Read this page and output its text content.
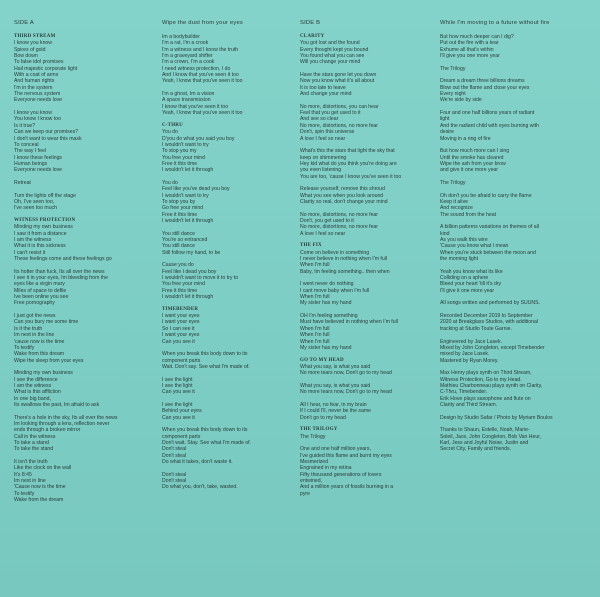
SIDE A
THIRD STREAM
I know you know
Spires of gold
Bow down
To false idol promises
Hail majestic corporate light
With a coat of arms
And human rights
I'm in the system
The nervous system
Everyone needs love
I know you know
You know I know too
Is it true?
Can we keep our promises?
I don't want to wear this mask
To conceal
The way I feel
I know these feelings
Human beings
Everyone needs love
Retreat
Turn the lights off the stage
Oh, I've seen too,
I've seen too much
WITNESS PROTECTION
Minding my own business
I saw it from a distance
I am the witness
What it is this sickness
I can't resist it
These feelings come and these feelings go
Its hotter than fuck, Its all over the news
I see it in your eyes, Im bleeding from the
eyes like a virgin mary
Miles of space to defile
Ive been online you see
Free pornography
I just got the news
Can you bury me some time
Is it the truth
Im next in the line
'cause now is the time
To testify
Wake from this dream
Wipe the sleep from your eyes
Minding my own business
I see the difference
I am the witness
What is this affliction
In one big band,
Its swallows the past, Im afraid to ask
There's a hole in the sky, Its all over the news
Im looking through a lens, reflection never
ends through a broken mirror
Call in the witness
To take a stand
To take the stand
It isn't the truth
Like the clock on the wall
It's 8:45
Im next in line
'Cause now is the time
To testify
Wake from the dream
Wipe the dust from your eyes
Im a bodybuilder
I'm a rat, I'm a crook
I'm a witness and I know the truth
I'm a graveyard shifter
I'm a crown, I'm a cook
I need witness protection, I do
And I know that you've seen it too
Yeah, I know that you've seen it too
I'm a ghost, Im a vision
A space transmission
I know that you've seen it too
Yeah, I know that you've seen it too
C-THRU
You do
D'you do what you said you boy
I wouldn't want to try
To stop you my
You free your mind
Free it this time
I wouldn't let it through
You do
Feel like you've dead you boy
I wouldn't want to try
To stop you by
Go free your mind
Free it this time
I wouldn't let it through
You still dance
You're so entranced
You still dance
Still follow my hand, to be
Cause you do
Feel like I dead you boy
I wouldn't want to move it to try to
You free your mind
Free it this time
I wouldn't let it through
TIMEBENDER
I want your eyes
I want your eyes
So I can see it
I want your eyes
Can you see it
When you break this body down to its
component parts
Wait. Don't say. See what I'm made of.
I see the light
I see the light
Can you see it
I see the light
Behind your eyes
Can you see it
When you break this body down to its
component parts
Don't wait. Stay. See what I'm made of.
Don't steal
Don't steal
Do what it takes, don't waste it.
Don't steal
Don't steal
Do what you, don't, take, wasted.
SIDE B
CLARITY
You got lost and the found
Every thought kept you bound
You found what you can see
Will you change your mind
Have the stars gone let you down
Now you know what it's all about
It is too late to leave
And change your mind
No more, distortions, you can hear
Feel that you get used to it
And see so clear
No more, distortions, no more fear
Don't, spin this universe
A love I feel so near
What's this the stars that light the sky that
keep on shimmering
Hey kid what do you think you're doing are
you even listening
You are too, 'cause I know you've seen it too
Release yourself, remove this shroud
What you see when you look around
Clarity so real, don't change your mind
No more, distortions, no more fear
Don't, you get used to it
No more, distortions, no more fear
A love I feel so near
THE FIX
Come on believe in something
I never believe in nothing when I'm full
When I'm full
Baby, Im feeling something.. then when
I went never do nothing
I cant move baby when I'm full
When I'm full
My sister has my hand
OH I'm feeling something
Must have believed in nothing when I'm full
When I'm full
When I'm full
When I'm full
My sister has my hand
GO TO MY HEAD
What you say, is what you said
No more tears now, Don't go to my head
What you say, is what you said
No more tears now, Don't go to my head
All I hear, no fear, in my brain
If I could I'll, never be the same
Don't go to my head
THE TRILOGY
The Trilogy
One and one half million years,
I've guided this flame and burnt my eyes
Mesmerized
Engrained in my retina
Fifty thousand generations of lovers
entwined,
And a million years of fossils burning in a
pyre
While I'm moving to a future without fire
But how much deeper can I dig?
Put out the fire with a tear
Exhume all that's within
I'll give you one more year
The Trilogy
Dream a dream three billions dreams
Blow out the flame and close your eyes
Every night
We're side by side
Four and one half billions years of radiant
light
And the radiant child with eyes burning with
desire
Moving in a ring of fire
But how much more can I sing
Until the smoke has cleared
Wipe the ash from your brow
and give it one more year
The Trilogy
Oh don't you be afraid to carry the flame
Keep it alive
And recognize
The sound from the heat
A billion patterns variations on themes of all
kind
As you walk this wire
'Cause you know what I mean
When you're stuck between the moon and
the morning light
Yeah you know what its like
Colliding on a sphere
Bleed your heart 'till it's dry
I'll give it one more year
All songs written and performed by SUUNS.
Recorded December 2019 to September
2020 at Breakglass Studios, with additional
tracking at Studio Toute Garnie.
Engineered by Jace Lasek.
Mixed by John Congleton, except Timebender
mixed by Jace Lasek.
Mastered by Ryan Morey.
Max Henry plays synth on Third Stream,
Witness Protection, Go to my Head.
Mathieu Charbonneau plays synth on Clarity,
C-Thru, Timebender.
Erik Hove plays saxophone and flute on
Clarity and Third Stream.
Design by Studio Safar / Photo by Myriam Boulos
Thanks to Shaun, Estelle, Noah, Marie-
Soleil, Jace, John Congleton, Bob Van Heur,
Karl, Jess and Joyful Noise, Justin and
Secret City, Family and friends.
